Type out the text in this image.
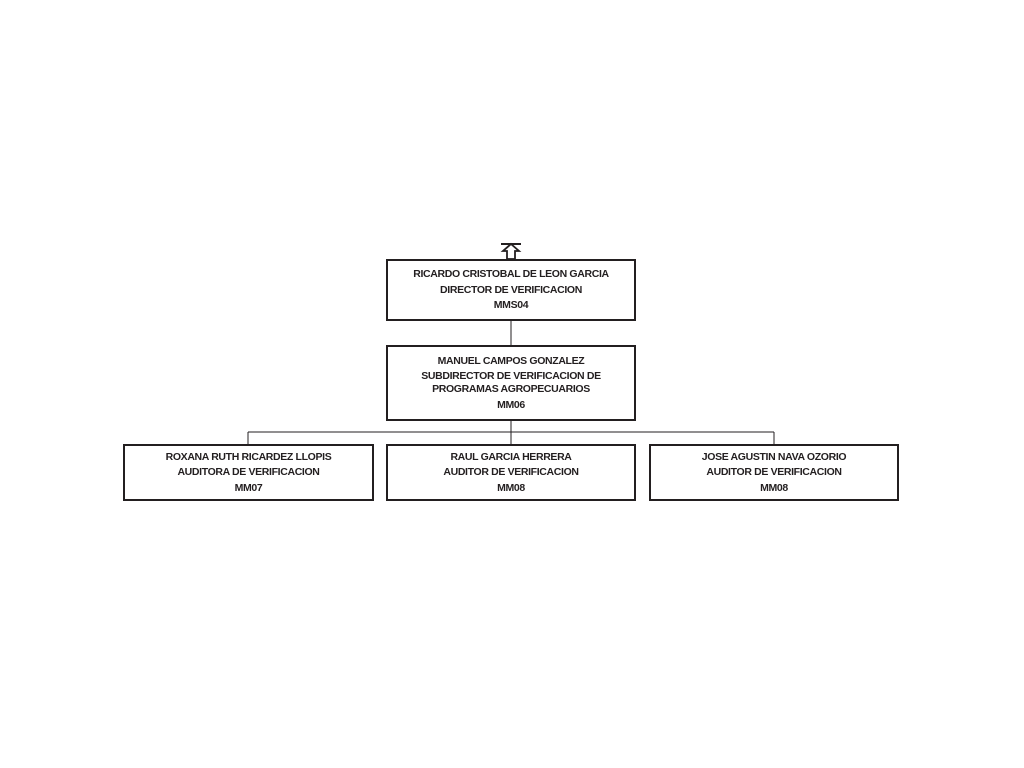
RICARDO CRISTOBAL DE LEON GARCIA
DIRECTOR DE VERIFICACION
MMS04
MANUEL CAMPOS GONZALEZ
SUBDIRECTOR DE VERIFICACION DE PROGRAMAS AGROPECUARIOS
MM06
ROXANA RUTH RICARDEZ LLOPIS
AUDITORA DE VERIFICACION
MM07
RAUL GARCIA HERRERA
AUDITOR DE VERIFICACION
MM08
JOSE AGUSTIN NAVA OZORIO
AUDITOR DE VERIFICACION
MM08
